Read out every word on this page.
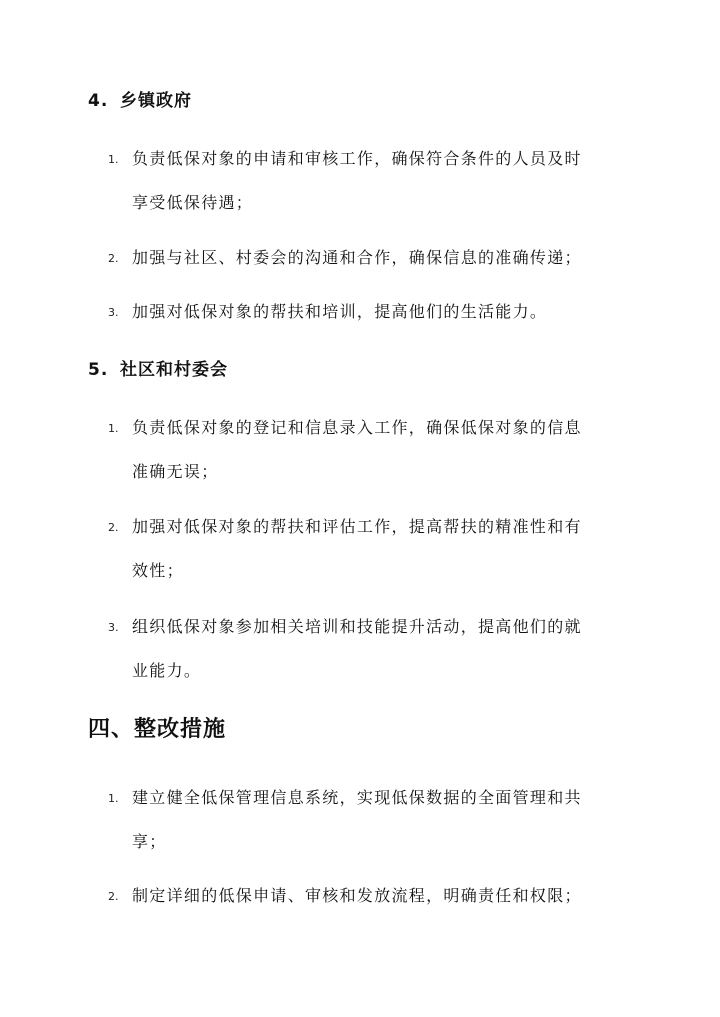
4. 乡镇政府
1. 负责低保对象的申请和审核工作，确保符合条件的人员及时
享受低保待遇；
2. 加强与社区、村委会的沟通和合作，确保信息的准确传递；
3. 加强对低保对象的帮扶和培训，提高他们的生活能力。
5. 社区和村委会
1. 负责低保对象的登记和信息录入工作，确保低保对象的信息
准确无误；
2. 加强对低保对象的帮扶和评估工作，提高帮扶的精准性和有
效性；
3. 组织低保对象参加相关培训和技能提升活动，提高他们的就
业能力。
四、整改措施
1. 建立健全低保管理信息系统，实现低保数据的全面管理和共
享；
2. 制定详细的低保申请、审核和发放流程，明确责任和权限；
